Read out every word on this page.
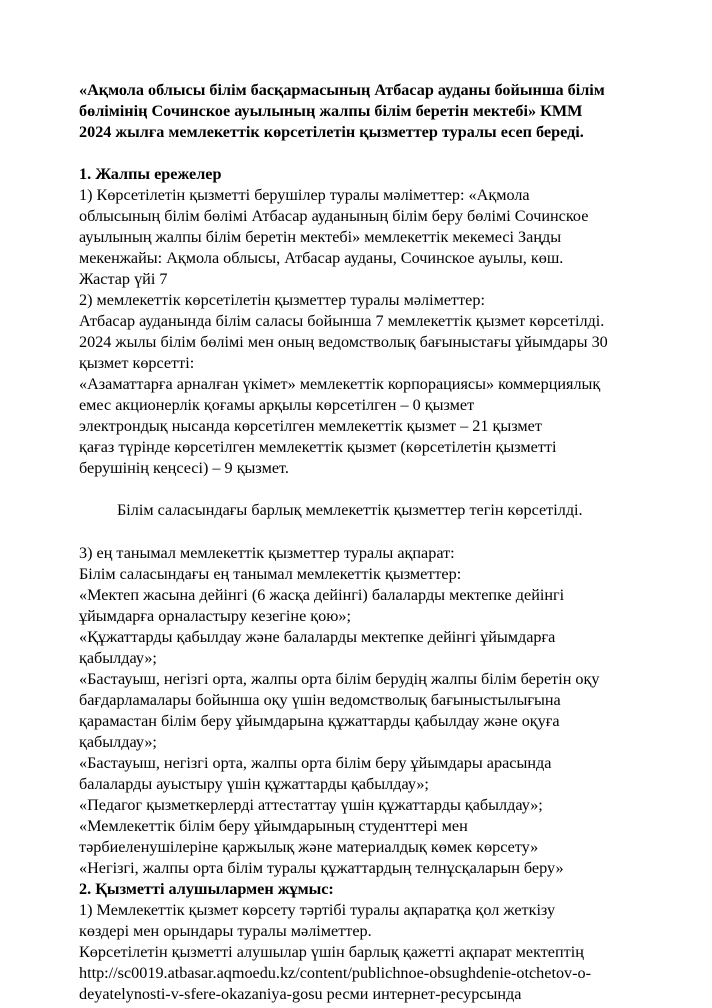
«Ақмола облысы білім басқармасының Атбасар ауданы бойынша білім
бөлімінің Сочинское ауылының жалпы білім беретін мектебі» КММ
2024 жылға мемлекеттік көрсетілетін қызметтер туралы есеп береді.
1. Жалпы ережелер
1) Көрсетілетін қызметті берушілер туралы мәліметтер: «Ақмола
облысының білім бөлімі Атбасар ауданының білім беру бөлімі Сочинское
ауылының жалпы білім беретін мектебі» мемлекеттік мекемесі Заңды
мекенжайы: Ақмола облысы, Атбасар ауданы, Сочинское ауылы, көш.
Жастар үйі 7
2) мемлекеттік көрсетілетін қызметтер туралы мәліметтер:
Атбасар ауданында білім саласы бойынша 7 мемлекеттік қызмет көрсетілді.
2024 жылы білім бөлімі мен оның ведомстволық бағыныстағы ұйымдары 30
қызмет көрсетті:
«Азаматтарға арналған үкімет» мемлекеттік корпорациясы» коммерциялық
емес акционерлік қоғамы арқылы көрсетілген – 0 қызмет
электрондық нысанда көрсетілген мемлекеттік қызмет – 21 қызмет
қағаз түрінде көрсетілген мемлекеттік қызмет (көрсетілетін қызметті
берушінің кеңсесі) – 9 қызмет.
Білім саласындағы барлық мемлекеттік қызметтер тегін көрсетілді.
3) ең танымал мемлекеттік қызметтер туралы ақпарат:
Білім саласындағы ең танымал мемлекеттік қызметтер:
«Мектеп жасына дейінгі (6 жасқа дейінгі) балаларды мектепке дейінгі
ұйымдарға орналастыру кезегіне қою»;
«Құжаттарды қабылдау және балаларды мектепке дейінгі ұйымдарға
қабылдау»;
«Бастауыш, негізгі орта, жалпы орта білім берудің жалпы білім беретін оқу
бағдарламалары бойынша оқу үшін ведомстволық бағыныстылығына
қарамастан білім беру ұйымдарына құжаттарды қабылдау және оқуға
қабылдау»;
«Бастауыш, негізгі орта, жалпы орта білім беру ұйымдары арасында
балаларды ауыстыру үшін құжаттарды қабылдау»;
«Педагог қызметкерлерді аттестаттау үшін құжаттарды қабылдау»;
«Мемлекеттік білім беру ұйымдарының студенттері мен
тәрбиеленушілеріне қаржылық және материалдық көмек көрсету»
«Негізгі, жалпы орта білім туралы құжаттардың телнұсқаларын беру»
2. Қызметті алушылармен жұмыс:
1) Мемлекеттік қызмет көрсету тәртібі туралы ақпаратқа қол жеткізу
көздері мен орындары туралы мәліметтер.
Көрсетілетін қызметті алушылар үшін барлық қажетті ақпарат мектептің
http://sc0019.atbasar.aqmoedu.kz/content/publichnoe-obsughdenie-otchetov-o-
deyatelynosti-v-sfere-okazaniya-gosu ресми интернет-ресурсында
